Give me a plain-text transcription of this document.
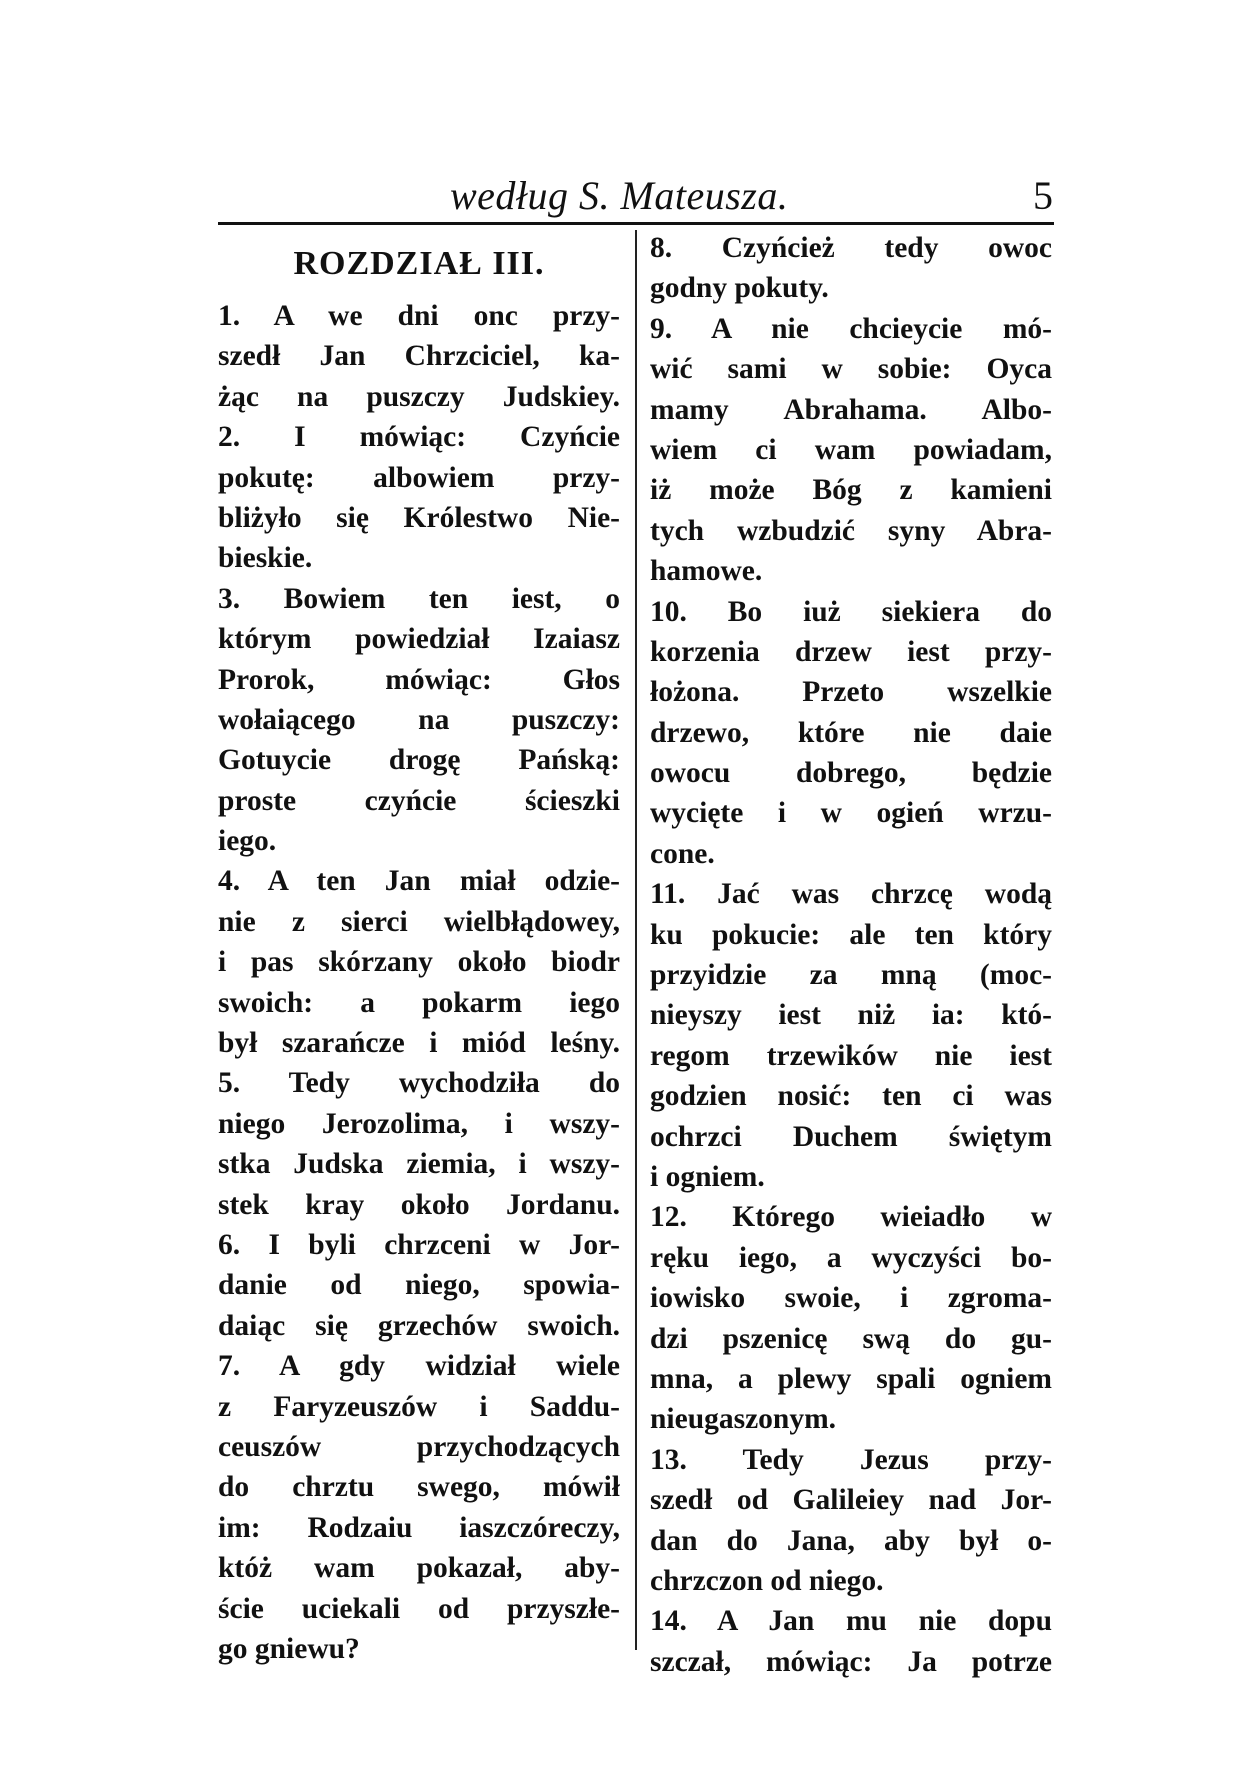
według S. Mateusza.	5
ROZDZIAŁ III.
1. A we dni onc przy-
szedł Jan Chrzciciel, ka-
żąc na puszczy Judskiey.
2. I mówiąc: Czyńcie
pokutę: albowiem przy-
bliżyło się Królestwo Nie-
bieskie.
3. Bowiem ten iest, o
którym powiedział Izaiasz
Prorok, mówiąc: Głos
wołaiącego na puszczy:
Gotuycie drogę Pańską:
proste czyńcie ścieszki
iego.
4. A ten Jan miał odzie-
nie z sierci wielbłądowey,
i pas skórzany około biodr
swoich: a pokarm iego
był szarańcze i miód leśny.
5. Tedy wychodziła do
niego Jerozolima, i wszy-
stka Judska ziemia, i wszy-
stek kray około Jordanu.
6. I byli chrzceni w Jor-
danie od niego, spowia-
daiąc się grzechów swoich.
7. A gdy widział wiele
z Faryzeuszów i Saddu-
ceuszów przychodzących
do chrztu swego, mówił
im: Rodzaiu iaszczóreczy,
któż wam pokazał, aby-
ście uciekali od przyszłe-
go gniewu?
8. Czyńcież tedy owoc
godny pokuty.
9. A nie chcieycie mó-
wić sami w sobie: Oyca
mamy Abrahama. Albo-
wiem ci wam powiadam,
iż może Bóg z kamieni
tych wzbudzić syny Abra-
hamowe.
10. Bo iuż siekiera do
korzenia drzew iest przy-
łożona. Przeto wszelkie
drzewo, które nie daie
owocu dobrego, będzie
wycięte i w ogień wrzu-
cone.
11. Jać was chrzcę wodą
ku pokucie: ale ten który
przyidzie za mną (moc-
nieyszy iest niż ia: któ-
regom trzewików nie iest
godzien nosić: ten ci was
ochrzci Duchem świętym
i ogniem.
12. Którego wieiadło w
ręku iego, a wyczyści bo-
iowisko swoie, i zgroma-
dzi pszenicę swą do gu-
mna, a plewy spali ogniem
nieugaszonym.
13. Tedy Jezus przy-
szedł od Galileiey nad Jor-
dan do Jana, aby był o-
chrzczon od niego.
14. A Jan mu nie dopu
szczał, mówiąc: Ja potrze
